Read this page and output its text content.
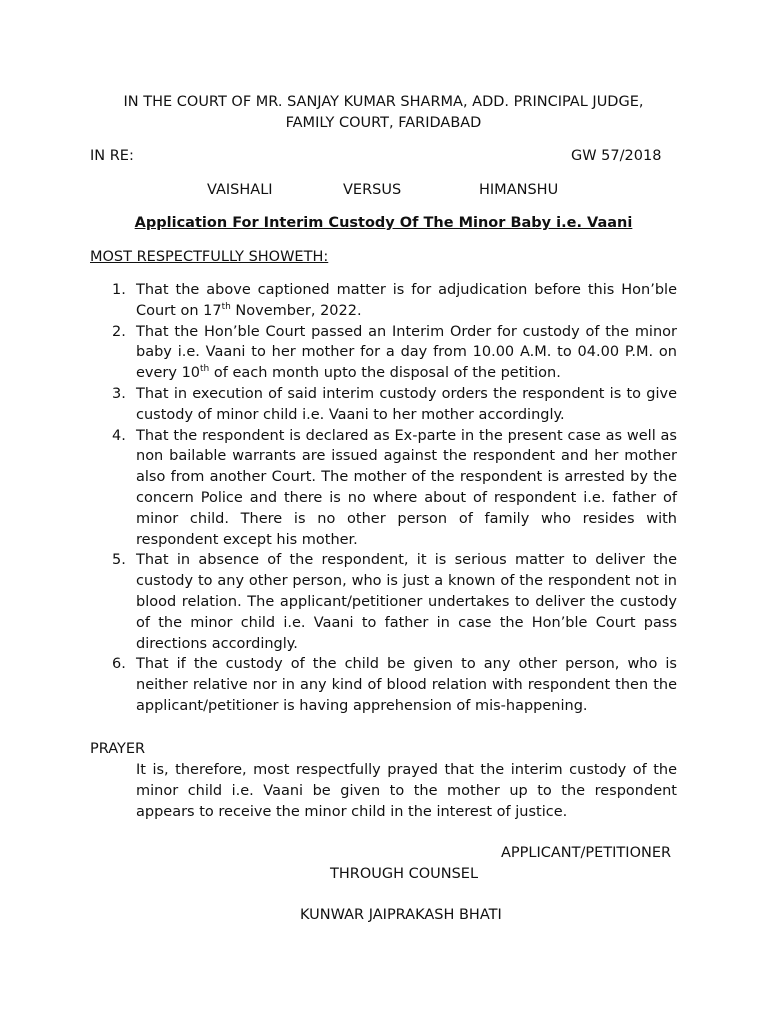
IN THE COURT OF MR. SANJAY KUMAR SHARMA, ADD. PRINCIPAL JUDGE,
FAMILY COURT, FARIDABAD
IN RE:	GW 57/2018
VAISHALI	VERSUS	HIMANSHU
Application For Interim Custody Of The Minor Baby i.e. Vaani
MOST RESPECTFULLY SHOWETH:
1. That the above captioned matter is for adjudication before this Hon’ble Court on 17th November, 2022.
2. That the Hon’ble Court passed an Interim Order for custody of the minor baby i.e. Vaani to her mother for a day from 10.00 A.M. to 04.00 P.M. on every 10th of each month upto the disposal of the petition.
3. That in execution of said interim custody orders the respondent is to give custody of minor child i.e. Vaani to her mother accordingly.
4. That the respondent is declared as Ex-parte in the present case as well as non bailable warrants are issued against the respondent and her mother also from another Court. The mother of the respondent is arrested by the concern Police and there is no where about of respondent i.e. father of minor child. There is no other person of family who resides with respondent except his mother.
5. That in absence of the respondent, it is serious matter to deliver the custody to any other person, who is just a known of the respondent not in blood relation. The applicant/petitioner undertakes to deliver the custody of the minor child i.e. Vaani to father in case the Hon’ble Court pass directions accordingly.
6. That if the custody of the child be given to any other person, who is neither relative nor in any kind of blood relation with respondent then the applicant/petitioner is having apprehension of mis-happening.
PRAYER

It is, therefore, most respectfully prayed that the interim custody of the minor child i.e. Vaani be given to the mother up to the respondent appears to receive the minor child in the interest of justice.

APPLICANT/PETITIONER
THROUGH COUNSEL
KUNWAR JAIPRAKASH BHATI
